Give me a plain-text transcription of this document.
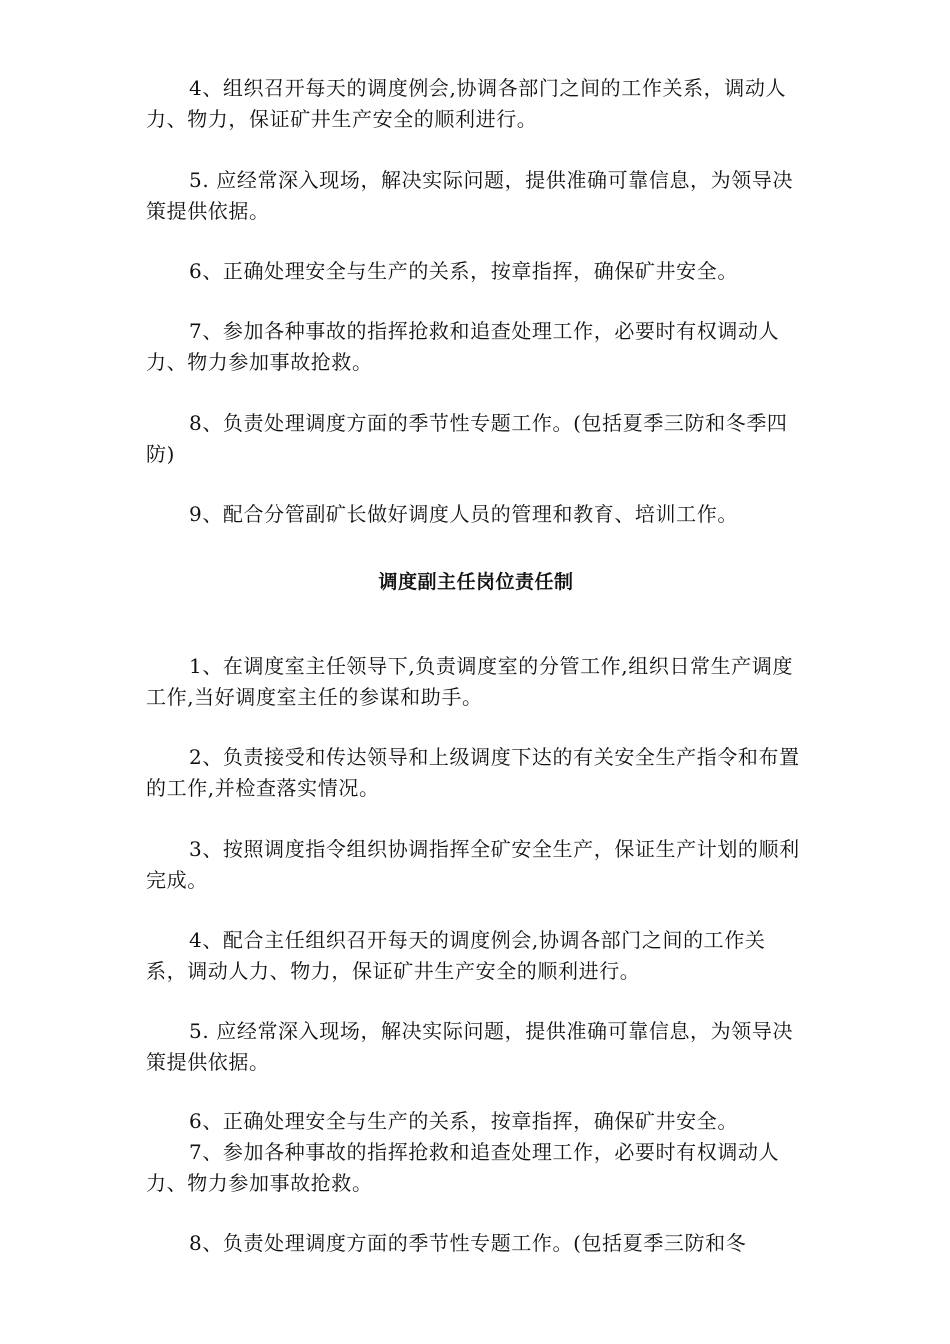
4、组织召开每天的调度例会,协调各部门之间的工作关系，调动人力、物力，保证矿井生产安全的顺利进行。

5. 应经常深入现场，解决实际问题，提供准确可靠信息，为领导决策提供依据。

6、正确处理安全与生产的关系，按章指挥，确保矿井安全。

7、参加各种事故的指挥抢救和追查处理工作，必要时有权调动人力、物力参加事故抢救。

8、负责处理调度方面的季节性专题工作。(包括夏季三防和冬季四防)

9、配合分管副矿长做好调度人员的管理和教育、培训工作。

调度副主任岗位责任制

1、在调度室主任领导下,负责调度室的分管工作,组织日常生产调度工作,当好调度室主任的参谋和助手。

2、负责接受和传达领导和上级调度下达的有关安全生产指令和布置的工作,并检查落实情况。

3、按照调度指令组织协调指挥全矿安全生产，保证生产计划的顺利完成。

4、配合主任组织召开每天的调度例会,协调各部门之间的工作关系，调动人力、物力，保证矿井生产安全的顺利进行。

5. 应经常深入现场，解决实际问题，提供准确可靠信息，为领导决策提供依据。

6、正确处理安全与生产的关系，按章指挥，确保矿井安全。

7、参加各种事故的指挥抢救和追查处理工作，必要时有权调动人力、物力参加事故抢救。

8、负责处理调度方面的季节性专题工作。(包括夏季三防和冬
